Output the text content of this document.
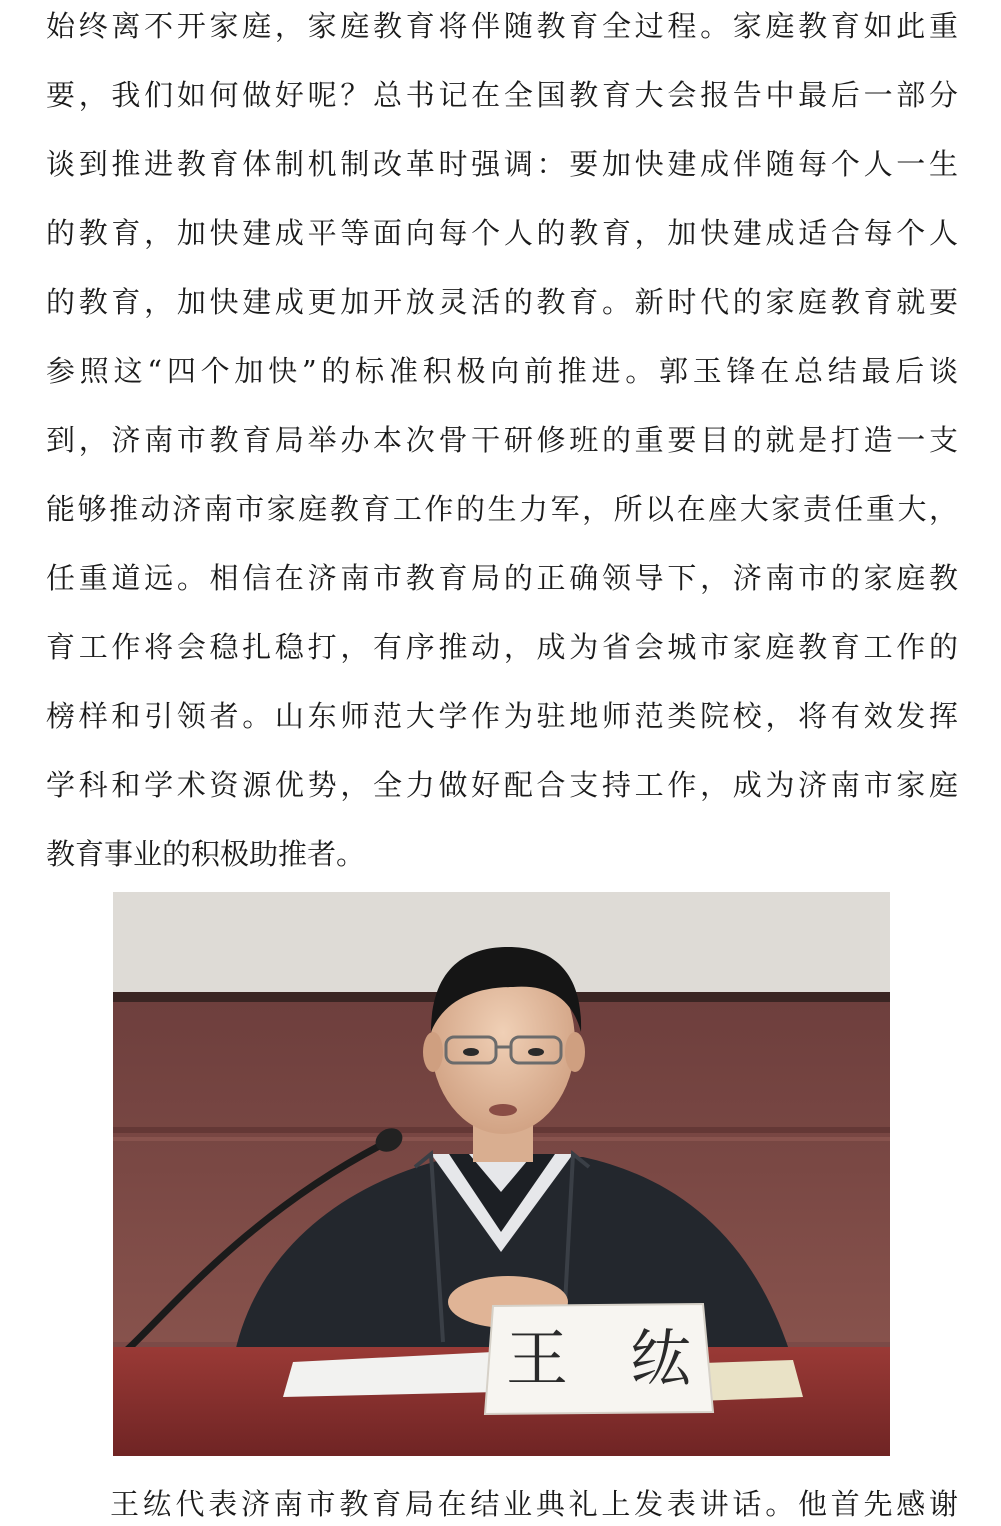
始终离不开家庭，家庭教育将伴随教育全过程。家庭教育如此重
要，我们如何做好呢？总书记在全国教育大会报告中最后一部分
谈到推进教育体制机制改革时强调：要加快建成伴随每个人一生
的教育，加快建成平等面向每个人的教育，加快建成适合每个人
的教育，加快建成更加开放灵活的教育。新时代的家庭教育就要
参照这“四个加快”的标准积极向前推进。郭玉锋在总结最后谈
到，济南市教育局举办本次骨干研修班的重要目的就是打造一支
能够推动济南市家庭教育工作的生力军，所以在座大家责任重大，
任重道远。相信在济南市教育局的正确领导下，济南市的家庭教
育工作将会稳扎稳打，有序推动，成为省会城市家庭教育工作的
榜样和引领者。山东师范大学作为驻地师范类院校，将有效发挥
学科和学术资源优势，全力做好配合支持工作，成为济南市家庭
教育事业的积极助推者。
王　纮
王纮代表济南市教育局在结业典礼上发表讲话。他首先感谢
